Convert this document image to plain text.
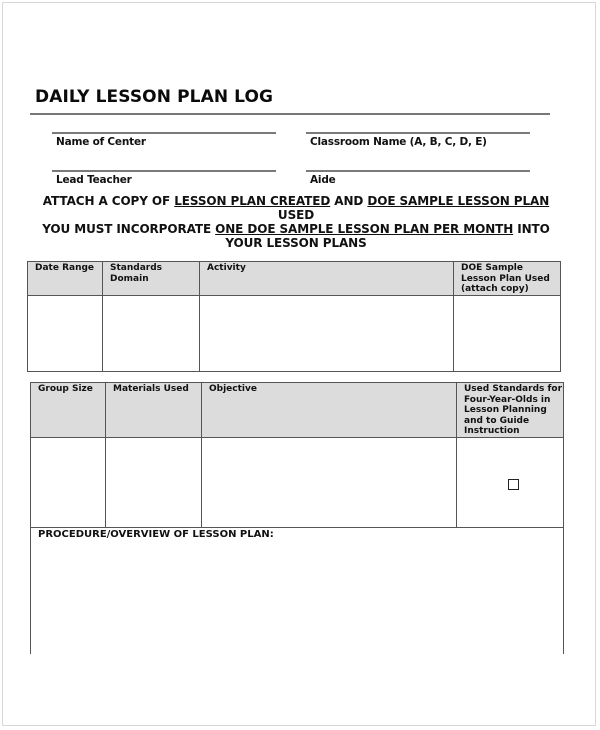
DAILY LESSON PLAN LOG
Name of Center	Classroom Name (A, B, C, D, E)
Lead Teacher	Aide
ATTACH A COPY OF LESSON PLAN CREATED AND DOE SAMPLE LESSON PLAN USED
YOU MUST INCORPORATE ONE DOE SAMPLE LESSON PLAN PER MONTH INTO YOUR LESSON PLANS
Date Range	Standards Domain	Activity	DOE Sample Lesson Plan Used (attach copy)

Group Size	Materials Used	Objective	Used Standards for Four-Year-Olds in Lesson Planning and to Guide Instruction

PROCEDURE/OVERVIEW OF LESSON PLAN:			
